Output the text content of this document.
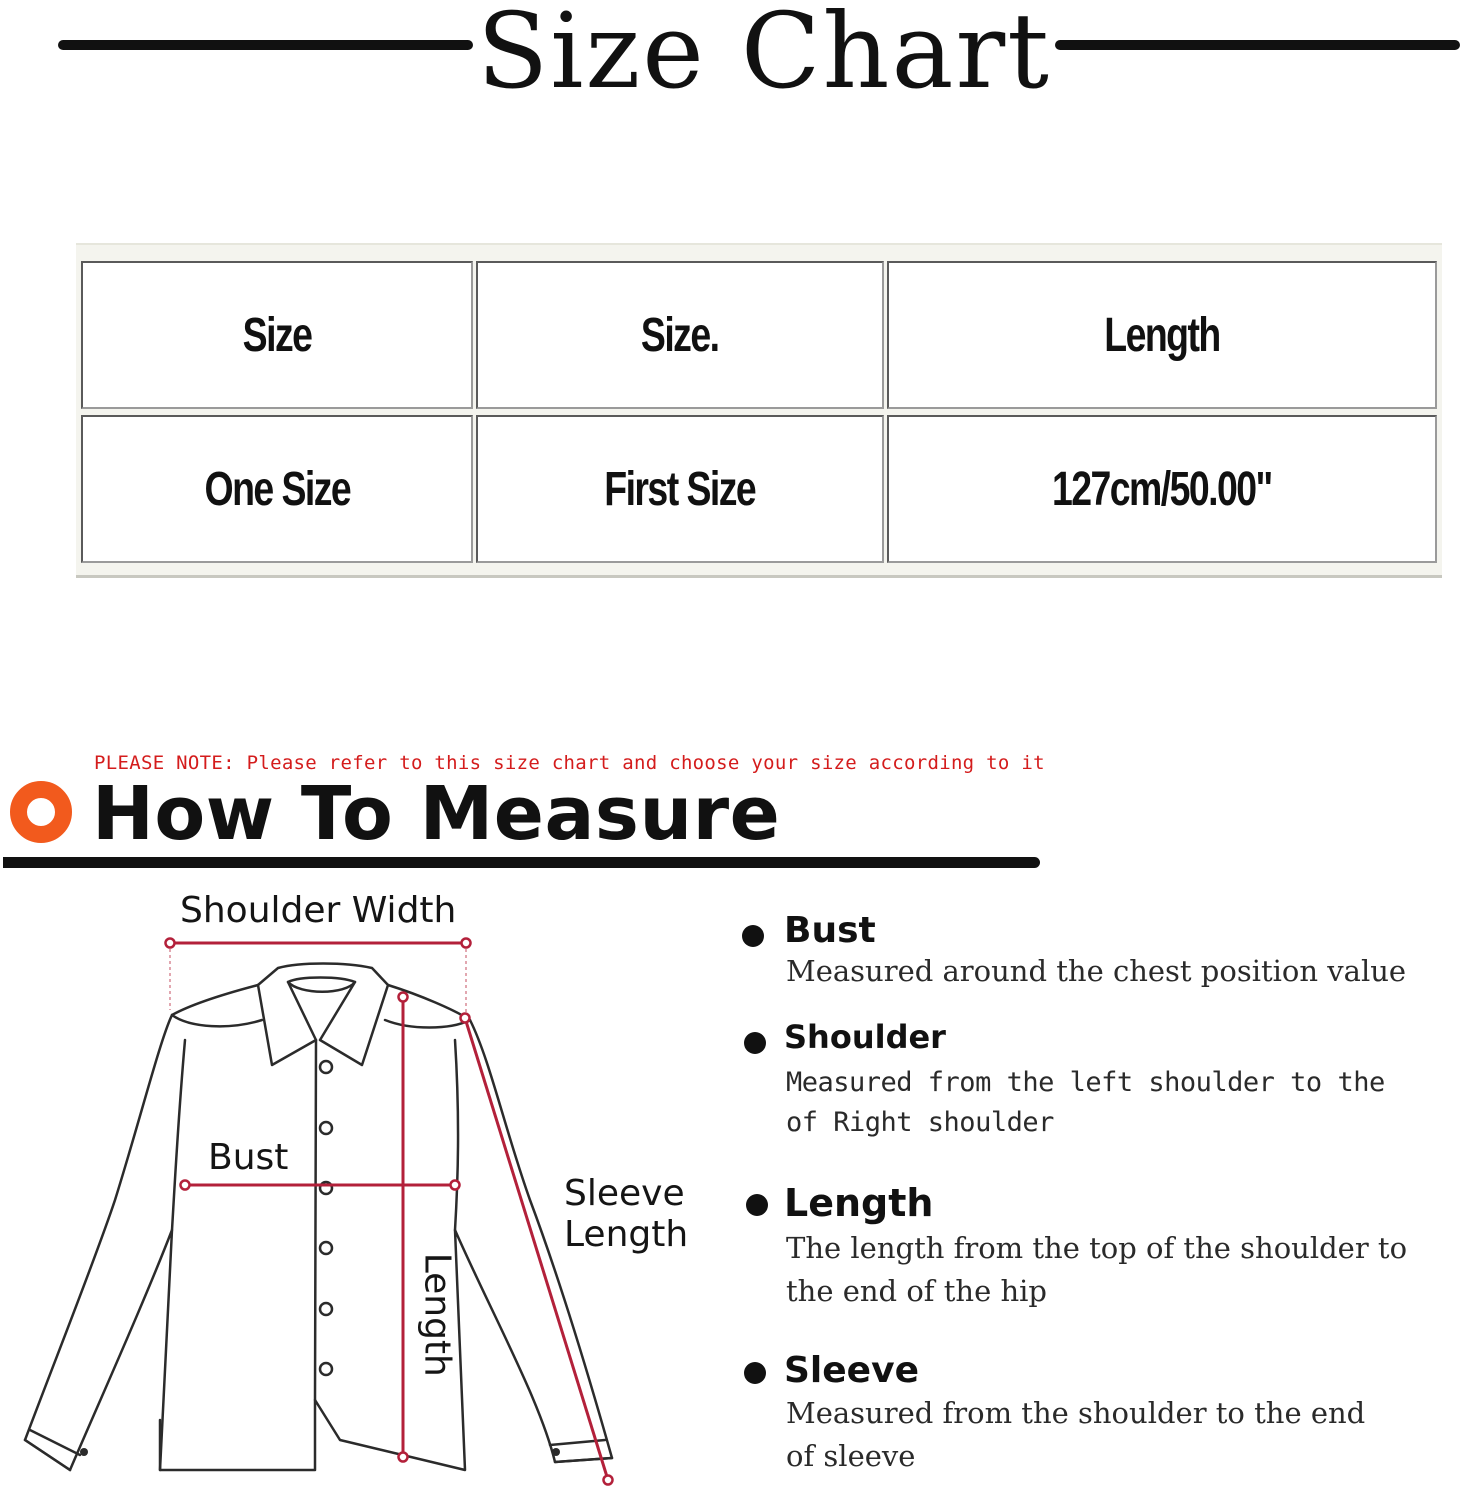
Size Chart
Size	Size.	Length
One Size	First Size	127cm/50.00"
PLEASE NOTE: Please refer to this size chart and choose your size according to it
How To Measure
Shoulder Width
Bust
Sleeve
Length
Length
Bust
Measured around the chest position value
Shoulder
Measured from the left shoulder to the
of Right shoulder
Length
The length from the top of the shoulder to
the end of the hip
Sleeve
Measured from the shoulder to the end
of sleeve
